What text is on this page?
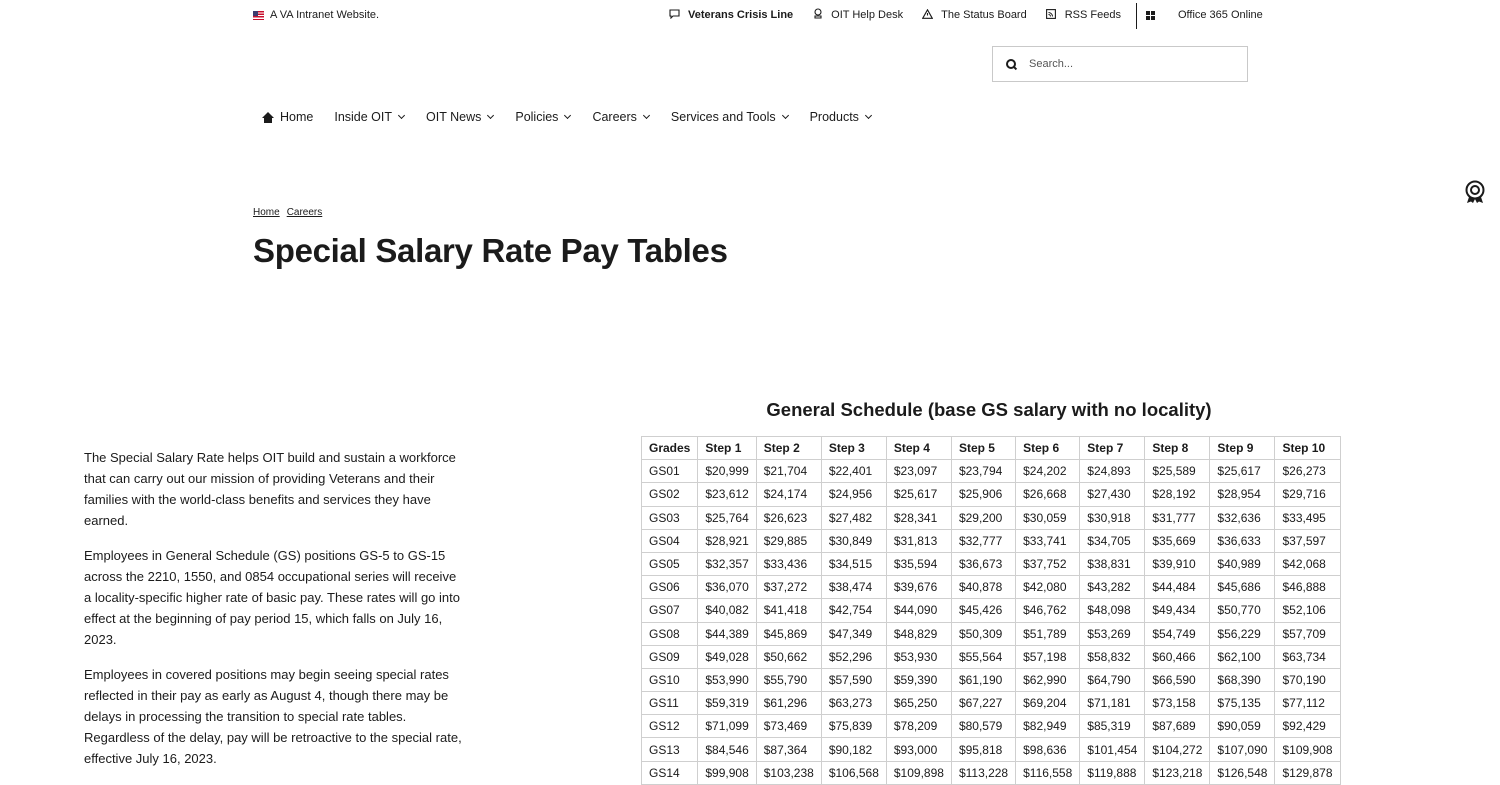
A VA Intranet Website.	Veterans Crisis Line	OIT Help Desk	The Status Board	RSS Feeds	Office 365 Online
Search...
Home Inside OIT	OIT News	Policies	Careers	Services and Tools	Products
Home Careers
Special Salary Rate Pay Tables

The Special Salary Rate helps OIT build and sustain a workforce that can carry out our mission of providing Veterans and their families with the world-class benefits and services they have earned.

Employees in General Schedule (GS) positions GS-5 to GS-15 across the 2210, 1550, and 0854 occupational series will receive a locality-specific higher rate of basic pay. These rates will go into effect at the beginning of pay period 15, which falls on July 16, 2023.

Employees in covered positions may begin seeing special rates reflected in their pay as early as August 4, though there may be delays in processing the transition to special rate tables. Regardless of the delay, pay will be retroactive to the special rate, effective July 16, 2023.

General Schedule (base GS salary with no locality)
Grades	Step 1	Step 2	Step 3	Step 4	Step 5	Step 6	Step 7	Step 8	Step 9	Step 10
GS01	$20,999	$21,704	$22,401	$23,097	$23,794	$24,202	$24,893	$25,589	$25,617	$26,273
GS02	$23,612	$24,174	$24,956	$25,617	$25,906	$26,668	$27,430	$28,192	$28,954	$29,716
GS03	$25,764	$26,623	$27,482	$28,341	$29,200	$30,059	$30,918	$31,777	$32,636	$33,495
GS04	$28,921	$29,885	$30,849	$31,813	$32,777	$33,741	$34,705	$35,669	$36,633	$37,597
GS05	$32,357	$33,436	$34,515	$35,594	$36,673	$37,752	$38,831	$39,910	$40,989	$42,068
GS06	$36,070	$37,272	$38,474	$39,676	$40,878	$42,080	$43,282	$44,484	$45,686	$46,888
GS07	$40,082	$41,418	$42,754	$44,090	$45,426	$46,762	$48,098	$49,434	$50,770	$52,106
GS08	$44,389	$45,869	$47,349	$48,829	$50,309	$51,789	$53,269	$54,749	$56,229	$57,709
GS09	$49,028	$50,662	$52,296	$53,930	$55,564	$57,198	$58,832	$60,466	$62,100	$63,734
GS10	$53,990	$55,790	$57,590	$59,390	$61,190	$62,990	$64,790	$66,590	$68,390	$70,190
GS11	$59,319	$61,296	$63,273	$65,250	$67,227	$69,204	$71,181	$73,158	$75,135	$77,112
GS12	$71,099	$73,469	$75,839	$78,209	$80,579	$82,949	$85,319	$87,689	$90,059	$92,429
GS13	$84,546	$87,364	$90,182	$93,000	$95,818	$98,636	$101,454	$104,272	$107,090	$109,908
GS14	$99,908	$103,238	$106,568	$109,898	$113,228	$116,558	$119,888	$123,218	$126,548	$129,878
